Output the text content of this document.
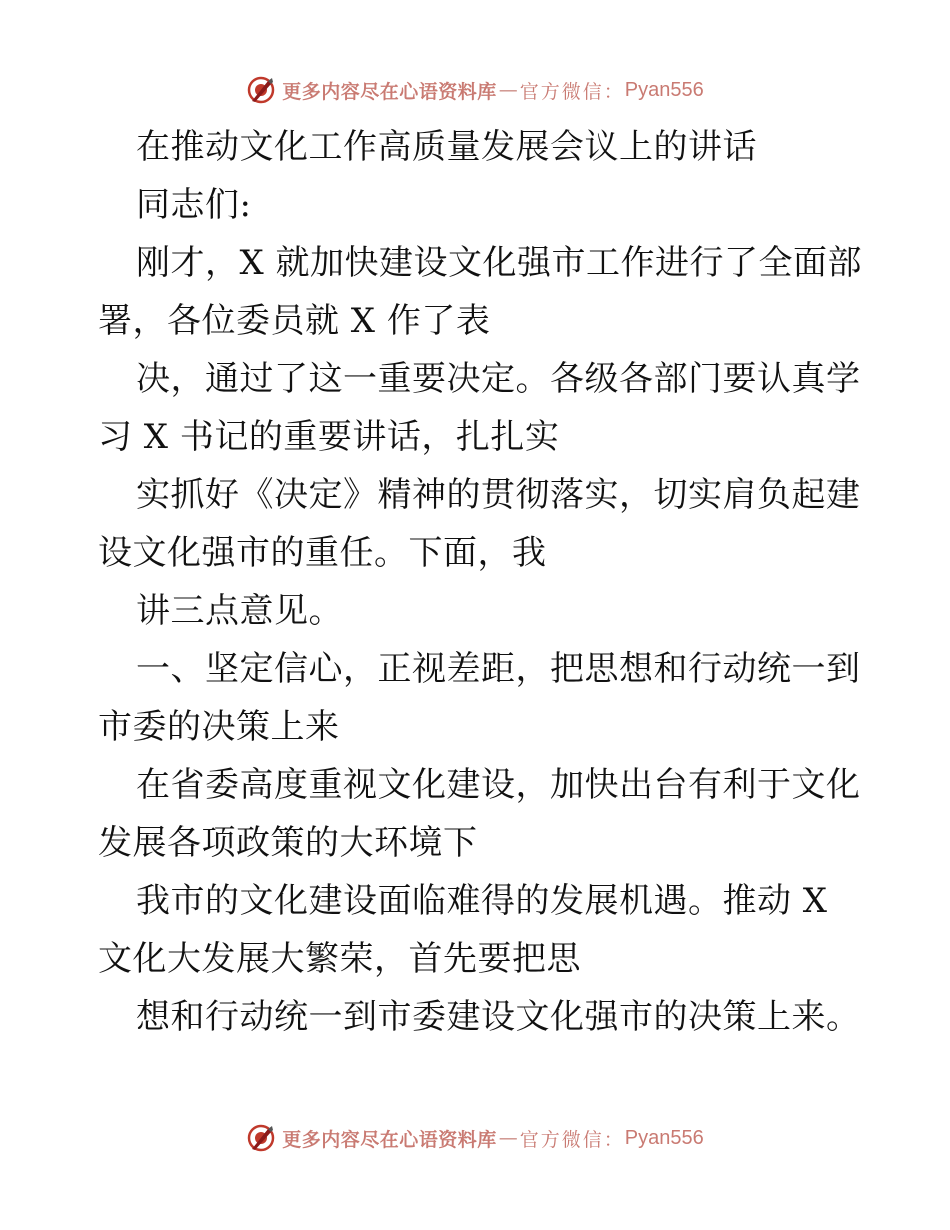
更多内容尽在心语资料库 — 官方微信： Pyan556
在推动文化工作高质量发展会议上的讲话
同志们:
刚才，X 就加快建设文化强市工作进行了全面部
署，各位委员就 X 作了表
决，通过了这一重要决定。各级各部门要认真学
习 X 书记的重要讲话，扎扎实
实抓好《决定》精神的贯彻落实，切实肩负起建
设文化强市的重任。下面，我
讲三点意见。
一、坚定信心，正视差距，把思想和行动统一到
市委的决策上来
在省委高度重视文化建设，加快出台有利于文化
发展各项政策的大环境下
我市的文化建设面临难得的发展机遇。推动 X
文化大发展大繁荣，首先要把思
想和行动统一到市委建设文化强市的决策上来。
更多内容尽在心语资料库 — 官方微信： Pyan556
